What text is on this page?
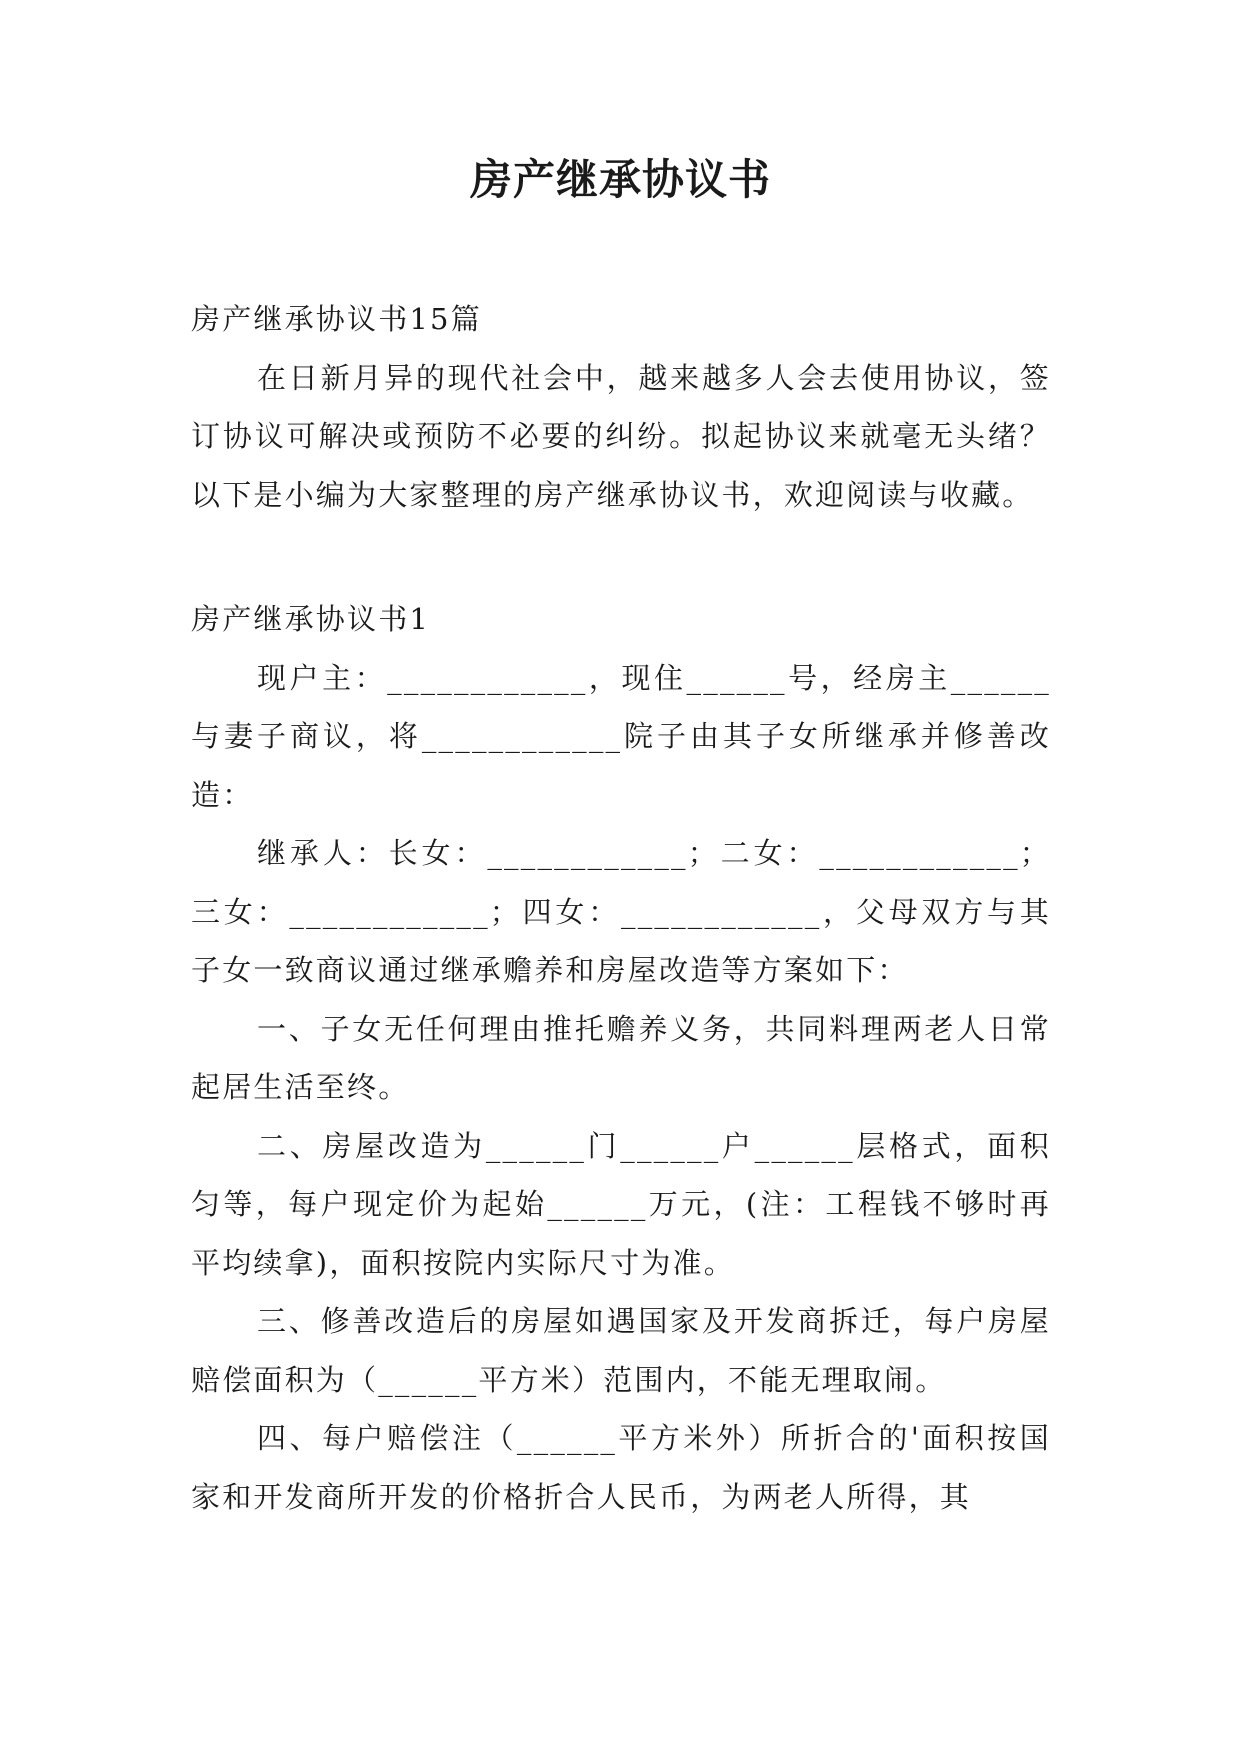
房产继承协议书

房产继承协议书15篇

在日新月异的现代社会中，越来越多人会去使用协议，签订协议可解决或预防不必要的纠纷。拟起协议来就毫无头绪？以下是小编为大家整理的房产继承协议书，欢迎阅读与收藏。

房产继承协议书1

现户主：____________，现住______号，经房主______与妻子商议，将____________院子由其子女所继承并修善改造：

继承人：长女：____________；二女：____________；三女：____________；四女：____________，父母双方与其子女一致商议通过继承赡养和房屋改造等方案如下：

一、子女无任何理由推托赡养义务，共同料理两老人日常起居生活至终。

二、房屋改造为______门______户______层格式，面积匀等，每户现定价为起始______万元，(注：工程钱不够时再平均续拿)，面积按院内实际尺寸为准。

三、修善改造后的房屋如遇国家及开发商拆迁，每户房屋赔偿面积为（______平方米）范围内，不能无理取闹。

四、每户赔偿注（______平方米外）所折合的'面积按国家和开发商所开发的价格折合人民币，为两老人所得，其
